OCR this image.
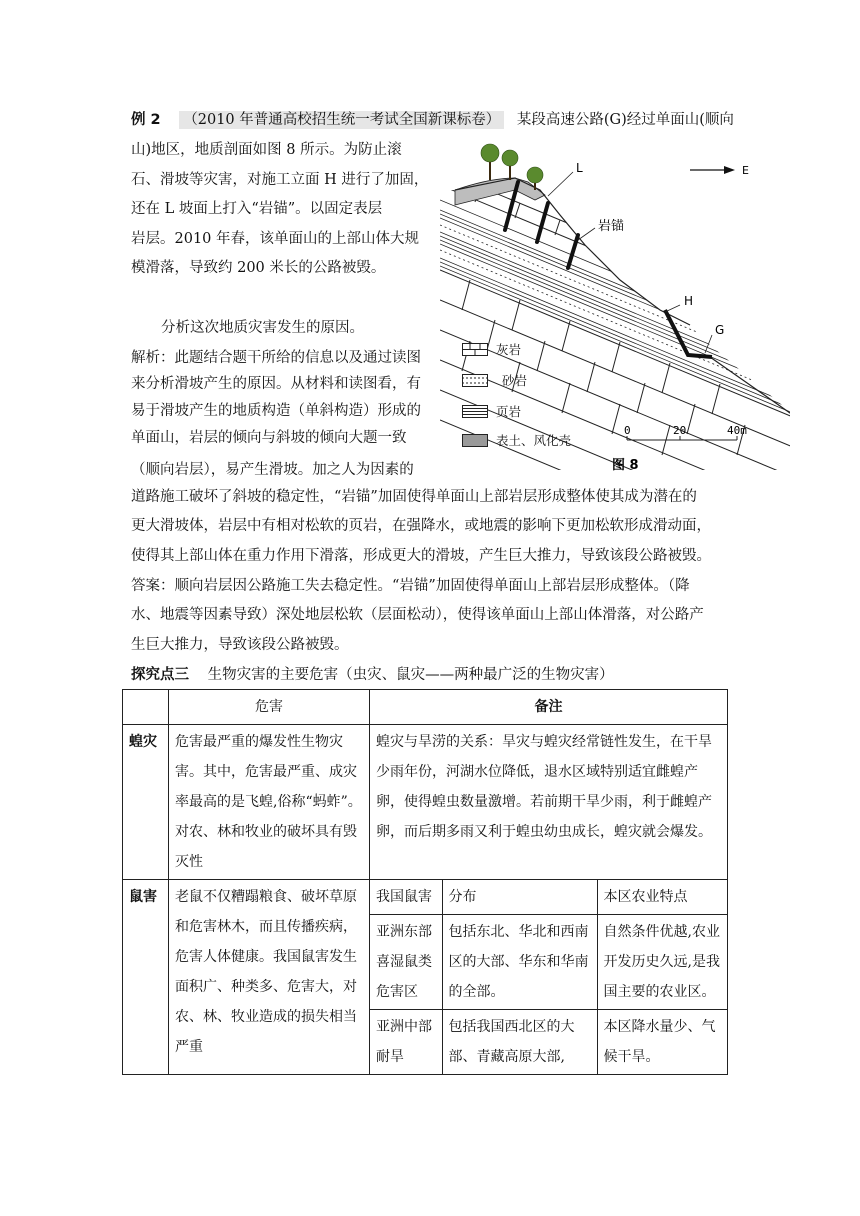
例 2 （2010 年普通高校招生统一考试全国新课标卷） 某段高速公路(G)经过单面山(顺向
山)地区，地质剖面如图 8 所示。为防止滚
石、滑坡等灾害，对施工立面 H 进行了加固，
还在 L 坡面上打入“岩锚”。以固定表层
岩层。2010 年春，该单面山的上部山体大规
模滑落，导致约 200 米长的公路被毁。
分析这次地质灾害发生的原因。
解析：此题结合题干所给的信息以及通过读图
来分析滑坡产生的原因。从材料和读图看，有
易于滑坡产生的地质构造（单斜构造）形成的
单面山，岩层的倾向与斜坡的倾向大题一致
（顺向岩层），易产生滑坡。加之人为因素的
道路施工破坏了斜坡的稳定性，“岩锚”加固使得单面山上部岩层形成整体使其成为潜在的
更大滑坡体，岩层中有相对松软的页岩，在强降水，或地震的影响下更加松软形成滑动面，
使得其上部山体在重力作用下滑落，形成更大的滑坡，产生巨大推力，导致该段公路被毁。
答案：顺向岩层因公路施工失去稳定性。“岩锚”加固使得单面山上部岩层形成整体。（降
水、地震等因素导致）深处地层松软（层面松动），使得该单面山上部山体滑落，对公路产
生巨大推力，导致该段公路被毁。
L	E
岩锚
H
G
0	20	40m
图 8
灰岩
砂岩
页岩
表土、风化壳
探究点三 生物灾害的主要危害（虫灾、鼠灾——两种最广泛的生物灾害）
	危害	备注
蝗灾	危害最严重的爆发性生物灾害。其中，危害最严重、成灾率最高的是飞蝗,俗称“蚂蚱”。对农、林和牧业的破坏具有毁灭性	蝗灾与旱涝的关系：旱灾与蝗灾经常链性发生，在干旱少雨年份，河湖水位降低，退水区域特别适宜雌蝗产卵，使得蝗虫数量激增。若前期干旱少雨，利于雌蝗产卵，而后期多雨又利于蝗虫幼虫成长，蝗灾就会爆发。
鼠害	老鼠不仅糟蹋粮食、破坏草原和危害林木，而且传播疾病，危害人体健康。我国鼠害发生面积广、种类多、危害大，对农、林、牧业造成的损失相当严重	
我国鼠害	分布	本区农业特点
亚洲东部喜湿鼠类危害区	包括东北、华北和西南区的大部、华东和华南的全部。	自然条件优越,农业开发历史久远,是我国主要的农业区。
亚洲中部耐旱	包括我国西北区的大部、青藏高原大部,	本区降水量少、气候干旱。
